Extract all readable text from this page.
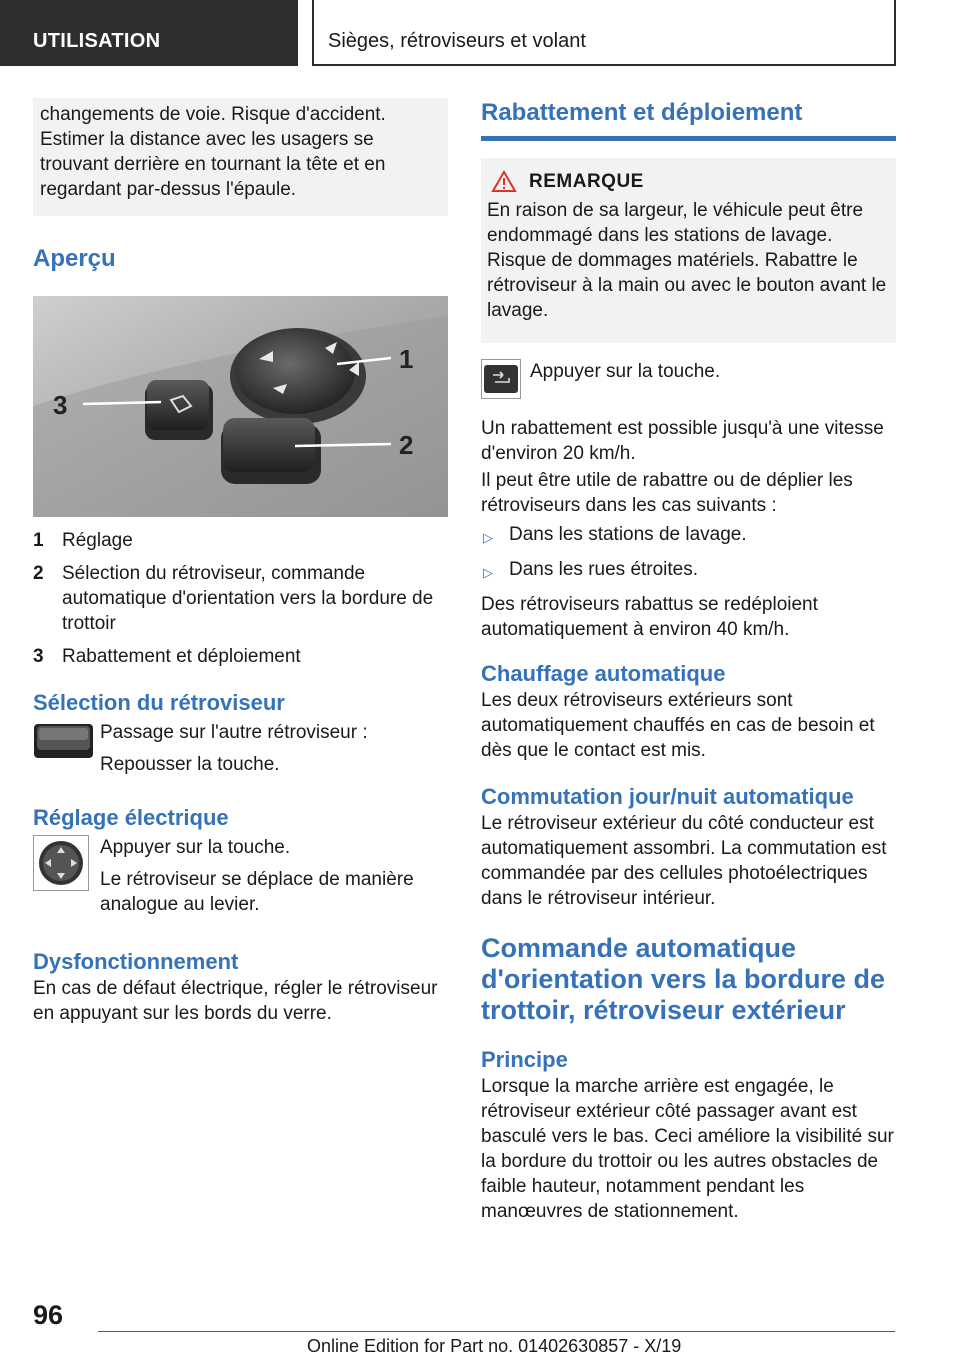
UTILISATION	Sièges, rétroviseurs et volant

changements de voie. Risque d'accident. Estimer la distance avec les usagers se trouvant derrière en tournant la tête et en regardant par-dessus l'épaule.

Aperçu
1
2
3
1 Réglage
2 Sélection du rétroviseur, commande automatique d'orientation vers la bordure de trottoir
3 Rabattement et déploiement
Sélection du rétroviseur

Passage sur l'autre rétroviseur :

Repousser la touche.

Réglage électrique

Appuyer sur la touche.

Le rétroviseur se déplace de manière analogue au levier.

Dysfonctionnement

En cas de défaut électrique, régler le rétroviseur en appuyant sur les bords du verre.

Rabattement et déploiement
REMARQUE

En raison de sa largeur, le véhicule peut être endommagé dans les stations de lavage. Risque de dommages matériels. Rabattre le rétroviseur à la main ou avec le bouton avant le lavage.

Appuyer sur la touche.

Un rabattement est possible jusqu'à une vitesse d'environ 20 km/h.

Il peut être utile de rabattre ou de déplier les rétroviseurs dans les cas suivants :

▷ Dans les stations de lavage.
▷ Dans les rues étroites.

Des rétroviseurs rabattus se redéploient automatiquement à environ 40 km/h.

Chauffage automatique

Les deux rétroviseurs extérieurs sont automatiquement chauffés en cas de besoin et dès que le contact est mis.

Commutation jour/nuit automatique

Le rétroviseur extérieur du côté conducteur est automatiquement assombri. La commutation est commandée par des cellules photoélectriques dans le rétroviseur intérieur.

Commande automatique d'orientation vers la bordure de trottoir, rétroviseur extérieur
Principe

Lorsque la marche arrière est engagée, le rétroviseur extérieur côté passager avant est basculé vers le bas. Ceci améliore la visibilité sur la bordure du trottoir ou les autres obstacles de faible hauteur, notamment pendant les manœuvres de stationnement.

96
Online Edition for Part no. 01402630857 - X/19
